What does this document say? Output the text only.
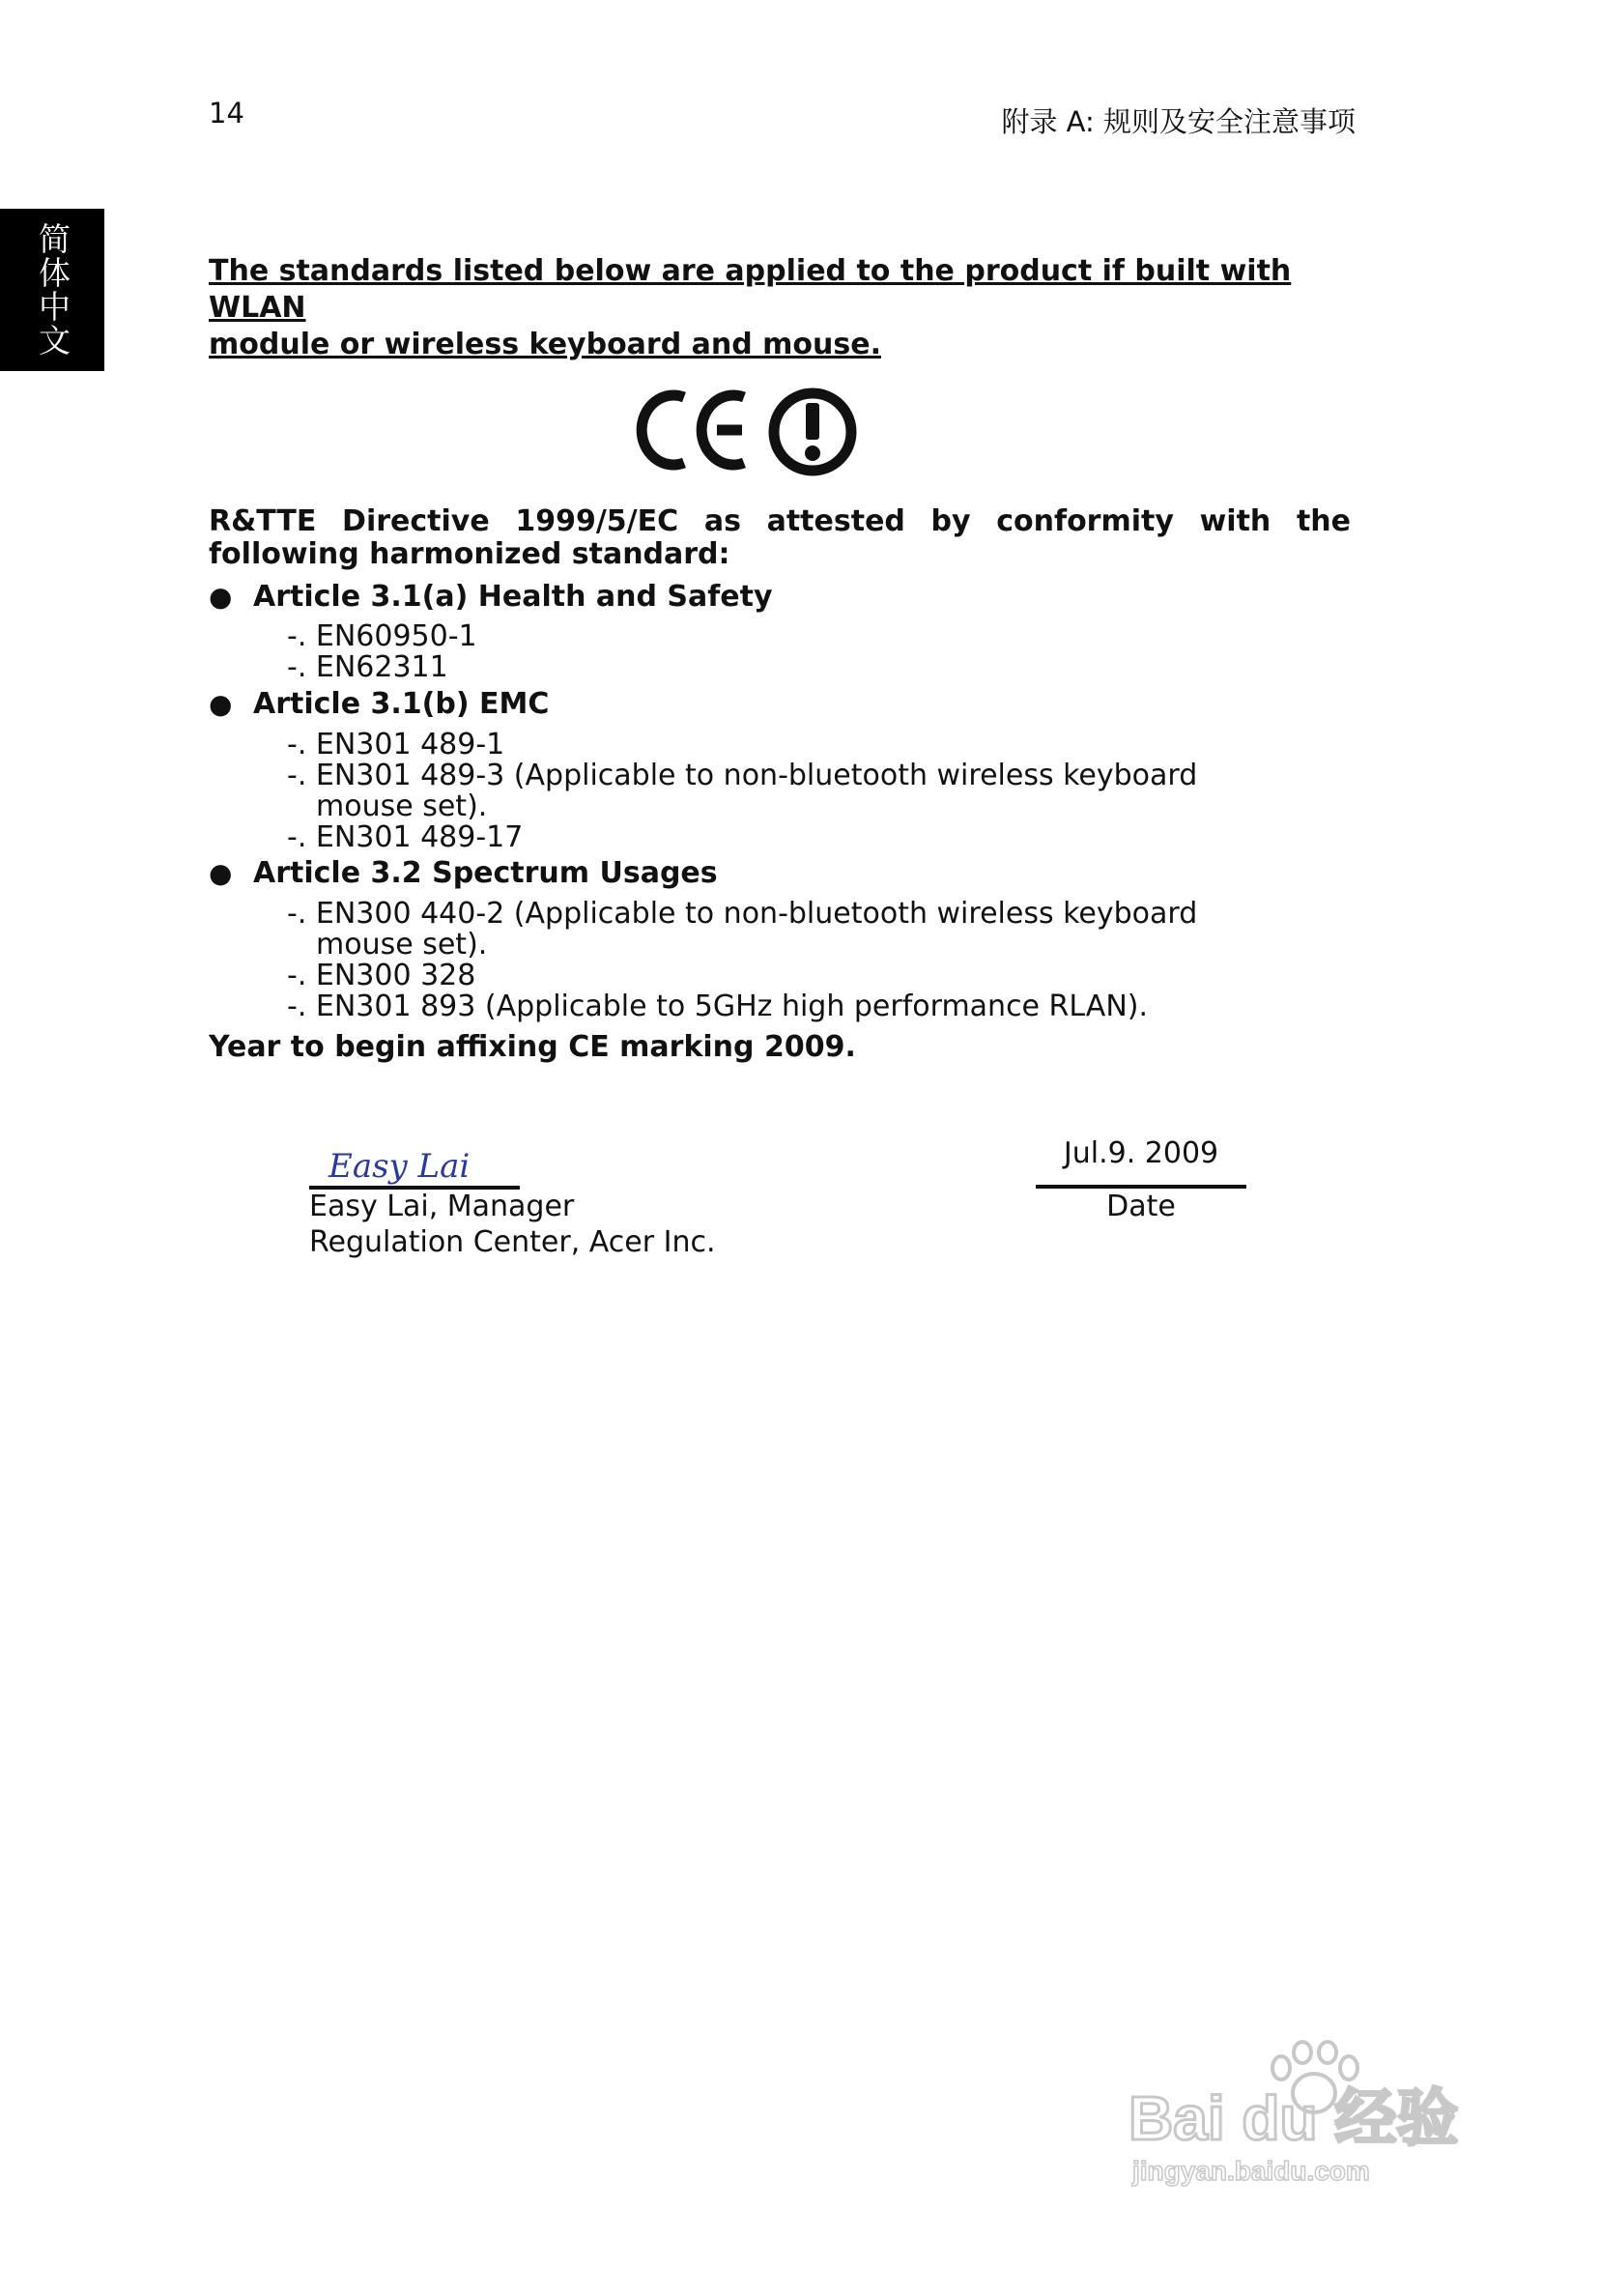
14	附录 A: 规则及安全注意事项
简体中文	The standards listed below are applied to the product if built with WLAN
module or wireless keyboard and mouse.
R&TTE Directive 1999/5/EC as attested by conformity with the following harmonized standard:
● Article 3.1(a) Health and Safety
-. EN60950-1
-. EN62311
● Article 3.1(b) EMC
-. EN301 489-1
-. EN301 489-3 (Applicable to non-bluetooth wireless keyboard mouse set).
-. EN301 489-17
● Article 3.2 Spectrum Usages
-. EN300 440-2 (Applicable to non-bluetooth wireless keyboard mouse set).
-. EN300 328
-. EN301 893 (Applicable to 5GHz high performance RLAN).
Year to begin affixing CE marking 2009.
Easy Lai
Easy Lai, Manager
Regulation Center, Acer Inc.
Jul.9. 2009
Date
Bai du 经验
jingyan.baidu.com
